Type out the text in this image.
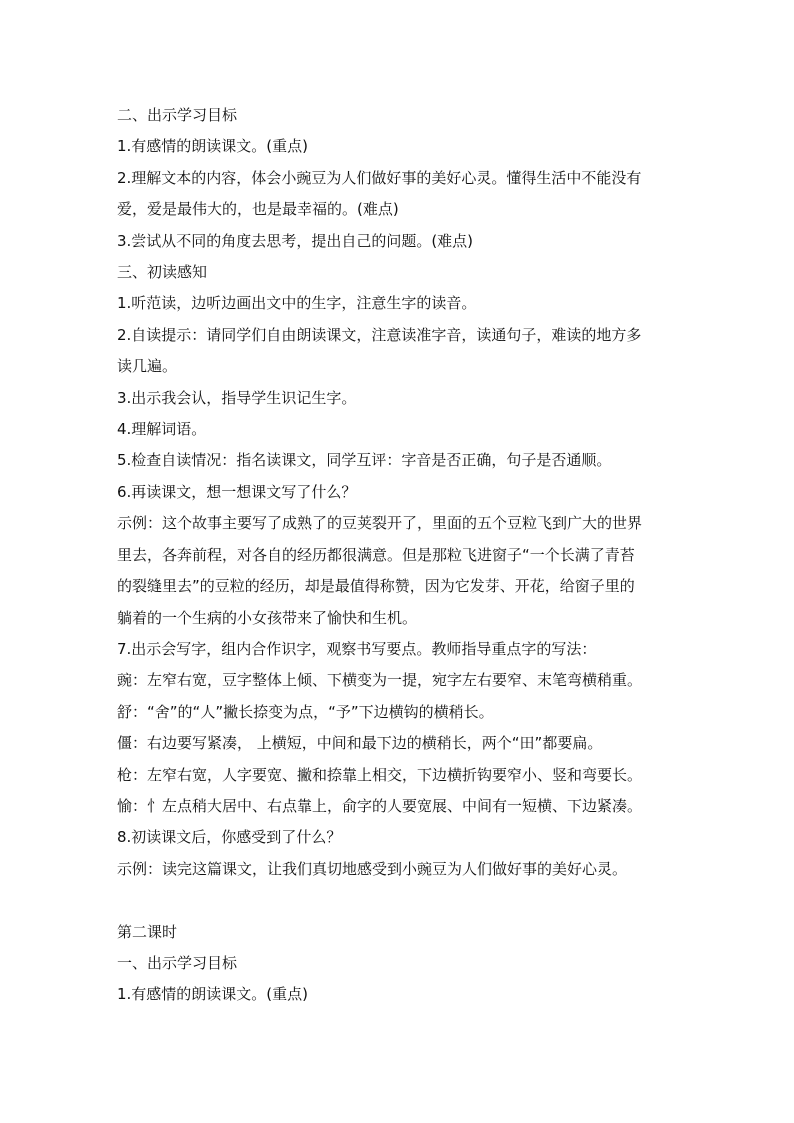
二、出示学习目标
1.有感情的朗读课文。(重点)
2.理解文本的内容，体会小豌豆为人们做好事的美好心灵。懂得生活中不能没有
爱，爱是最伟大的，也是最幸福的。(难点)
3.尝试从不同的角度去思考，提出自己的问题。(难点)
三、初读感知
1.听范读，边听边画出文中的生字，注意生字的读音。
2.自读提示：请同学们自由朗读课文，注意读准字音，读通句子，难读的地方多
读几遍。
3.出示我会认，指导学生识记生字。
4.理解词语。
5.检查自读情况：指名读课文，同学互评：字音是否正确，句子是否通顺。
6.再读课文，想一想课文写了什么？
示例：这个故事主要写了成熟了的豆荚裂开了，里面的五个豆粒飞到广大的世界
里去，各奔前程，对各自的经历都很满意。但是那粒飞进窗子“一个长满了青苔
的裂缝里去”的豆粒的经历，却是最值得称赞，因为它发芽、开花，给窗子里的
躺着的一个生病的小女孩带来了愉快和生机。
7.出示会写字，组内合作识字，观察书写要点。教师指导重点字的写法：
豌：左窄右宽，豆字整体上倾、下横变为一提，宛字左右要窄、末笔弯横稍重。
舒：“舍”的“人”撇长捺变为点，“予”下边横钩的横稍长。
僵：右边要写紧凑， 上横短，中间和最下边的横稍长，两个“田”都要扁。
枪：左窄右宽，人字要宽、撇和捺靠上相交，下边横折钩要窄小、竖和弯要长。
愉：忄左点稍大居中、右点靠上，俞字的人要宽展、中间有一短横、下边紧凑。
8.初读课文后，你感受到了什么？
示例：读完这篇课文，让我们真切地感受到小豌豆为人们做好事的美好心灵。
第二课时
一、出示学习目标
1.有感情的朗读课文。(重点)
